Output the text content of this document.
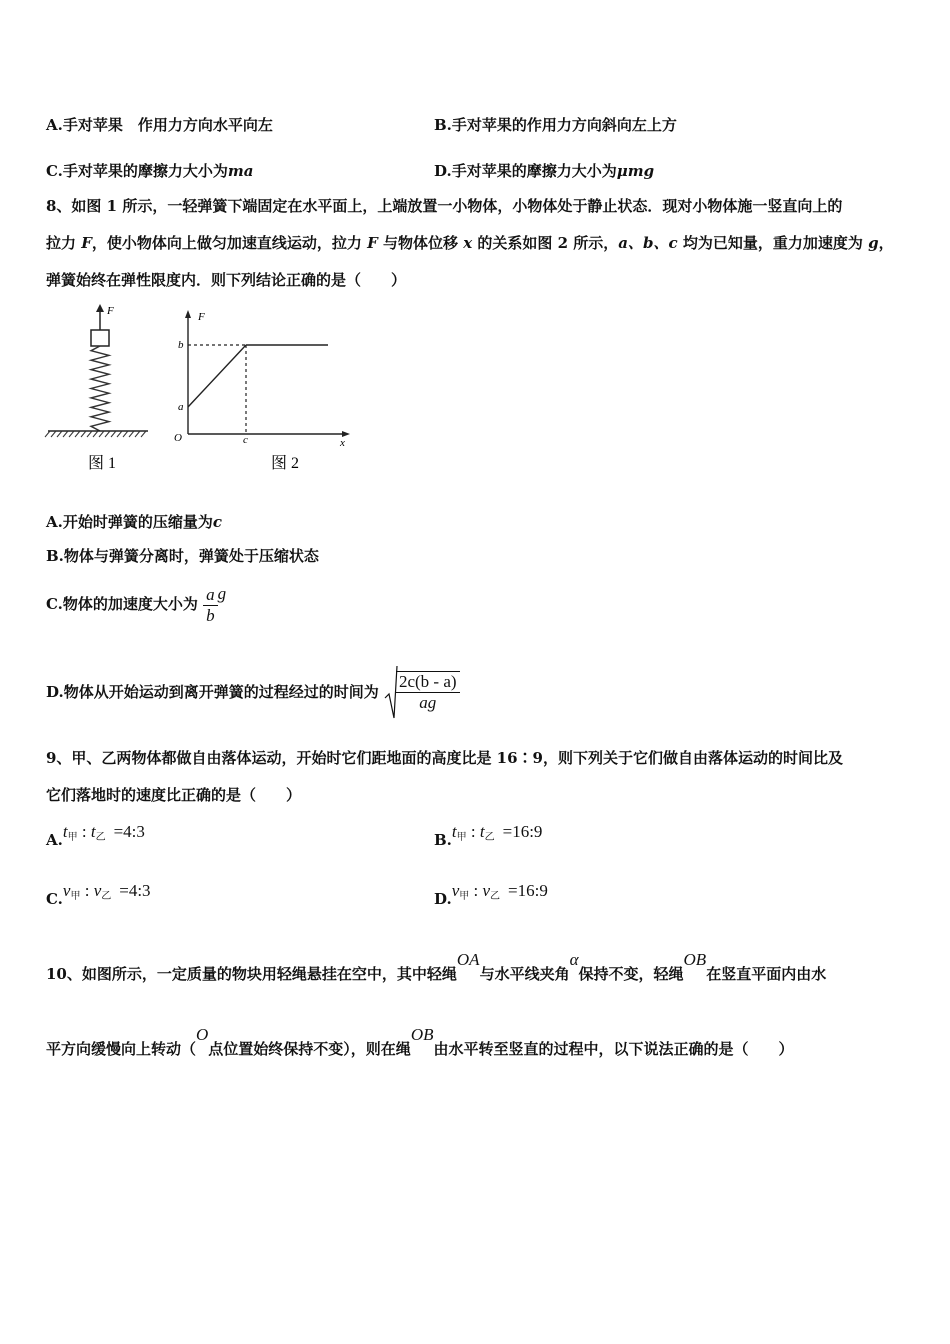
A.手对苹果　作用力方向水平向左	B.手对苹果的作用力方向斜向左上方
C.手对苹果的摩擦力大小为ma	D.手对苹果的摩擦力大小为μmg
8、如图 1 所示，一轻弹簧下端固定在水平面上，上端放置一小物体，小物体处于静止状态．现对小物体施一竖直向上的
拉力 F，使小物体向上做匀加速直线运动，拉力 F 与物体位移 x 的关系如图 2 所示，a、b、c 均为已知量，重力加速度为 g，
弹簧始终在弹性限度内．则下列结论正确的是（　　）
F
图 1
F
x
O
a
b
c
图 2
A.开始时弹簧的压缩量为c
B.物体与弹簧分离时，弹簧处于压缩状态
C.物体的加速度大小为 $\frac{a}{b}$ g
D.物体从开始运动到离开弹簧的过程经过的时间为 $\frac{2c(b - a)}{ag}$
9、甲、乙两物体都做自由落体运动，开始时它们距地面的高度比是 16∶9，则下列关于它们做自由落体运动的时间比及
它们落地时的速度比正确的是（　　）
$A.t_甲$ : $t_乙$ =4:3	$B.t_甲$ : $t_乙$ =16:9
$C.v_甲$ : $v_乙$ =4:3	$D.v_甲$ : $v_乙$ =16:9
10、如图所示，一定质量的物块用轻绳悬挂在空中，其中轻绳OA与水平线夹角α保持不变，轻绳OB在竖直平面内由水
平方向缓慢向上转动（O点位置始终保持不变），则在绳OB由水平转至竖直的过程中，以下说法正确的是（　　）
